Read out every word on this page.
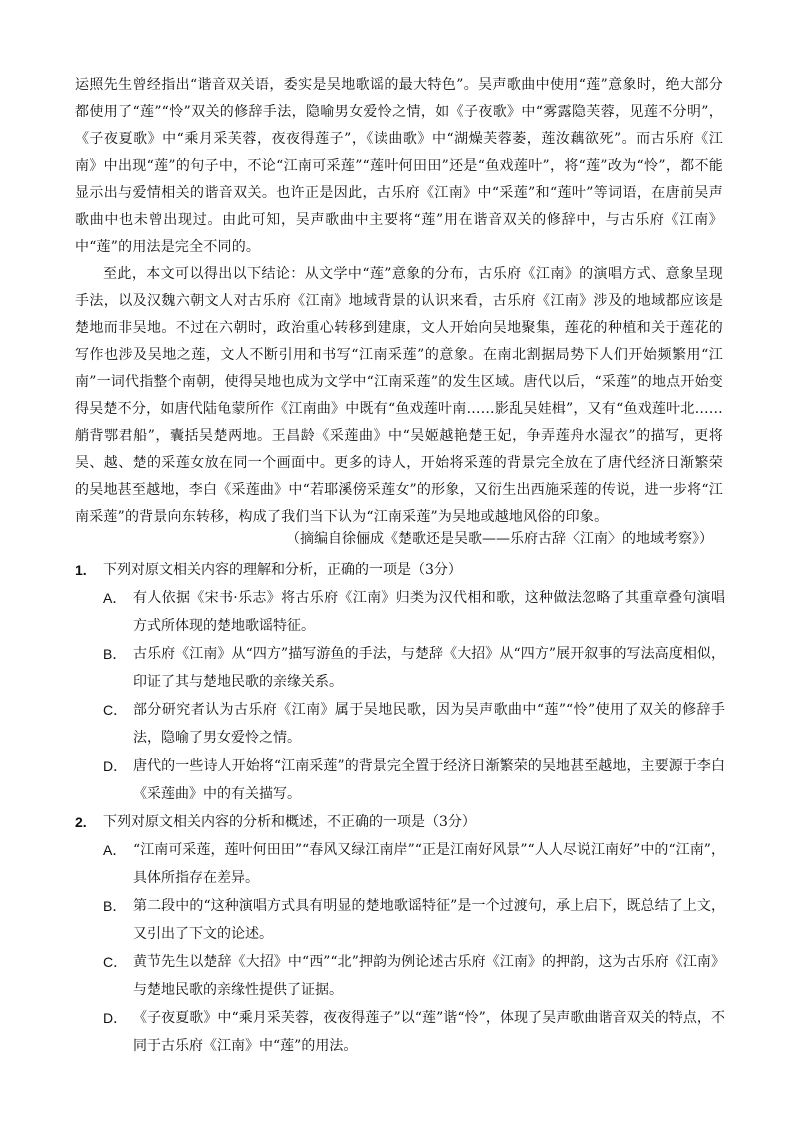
运照先生曾经指出“谐音双关语，委实是吴地歌谣的最大特色”。吴声歌曲中使用“莲”意象时，绝大部分都使用了“莲”“怜”双关的修辞手法，隐喻男女爱怜之情，如《子夜歌》中“雾露隐芙蓉，见莲不分明”，《子夜夏歌》中“乘月采芙蓉，夜夜得莲子”，《读曲歌》中“湖燥芙蓉萎，莲汝藕欲死”。而古乐府《江南》中出现“莲”的句子中，不论“江南可采莲”“莲叶何田田”还是“鱼戏莲叶”，将“莲”改为“怜”，都不能显示出与爱情相关的谐音双关。也许正是因此，古乐府《江南》中“采莲”和“莲叶”等词语，在唐前吴声歌曲中也未曾出现过。由此可知，吴声歌曲中主要将“莲”用在谐音双关的修辞中，与古乐府《江南》中“莲”的用法是完全不同的。

至此，本文可以得出以下结论：从文学中“莲”意象的分布，古乐府《江南》的演唱方式、意象呈现手法，以及汉魏六朝文人对古乐府《江南》地域背景的认识来看，古乐府《江南》涉及的地域都应该是楚地而非吴地。不过在六朝时，政治重心转移到建康，文人开始向吴地聚集，莲花的种植和关于莲花的写作也涉及吴地之莲，文人不断引用和书写“江南采莲”的意象。在南北割据局势下人们开始频繁用“江南”一词代指整个南朝，使得吴地也成为文学中“江南采莲”的发生区域。唐代以后，“采莲”的地点开始变得吴楚不分，如唐代陆龟蒙所作《江南曲》中既有“鱼戏莲叶南……影乱吴娃楫”，又有“鱼戏莲叶北……艄背鄂君船”，囊括吴楚两地。王昌龄《采莲曲》中“吴姬越艳楚王妃，争弄莲舟水湿衣”的描写，更将吴、越、楚的采莲女放在同一个画面中。更多的诗人，开始将采莲的背景完全放在了唐代经济日渐繁荣的吴地甚至越地，李白《采莲曲》中“若耶溪傍采莲女”的形象，又衍生出西施采莲的传说，进一步将“江南采莲”的背景向东转移，构成了我们当下认为“江南采莲”为吴地或越地风俗的印象。

（摘编自徐俪成《楚歌还是吴歌——乐府古辞〈江南〉的地域考察》）
1. 下列对原文相关内容的理解和分析，正确的一项是（3分）
A． 有人依据《宋书·乐志》将古乐府《江南》归类为汉代相和歌，这种做法忽略了其重章叠句演唱方式所体现的楚地歌谣特征。
B． 古乐府《江南》从“四方”描写游鱼的手法，与楚辞《大招》从“四方”展开叙事的写法高度相似，印证了其与楚地民歌的亲缘关系。
C． 部分研究者认为古乐府《江南》属于吴地民歌，因为吴声歌曲中“莲”“怜”使用了双关的修辞手法，隐喻了男女爱怜之情。
D． 唐代的一些诗人开始将“江南采莲”的背景完全置于经济日渐繁荣的吴地甚至越地，主要源于李白《采莲曲》中的有关描写。
2. 下列对原文相关内容的分析和概述，不正确的一项是（3分）
A． “江南可采莲，莲叶何田田”“春风又绿江南岸”“正是江南好风景”“人人尽说江南好”中的“江南”，具体所指存在差异。
B． 第二段中的“这种演唱方式具有明显的楚地歌谣特征”是一个过渡句，承上启下，既总结了上文，又引出了下文的论述。
C． 黄节先生以楚辞《大招》中“西”“北”押韵为例论述古乐府《江南》的押韵，这为古乐府《江南》与楚地民歌的亲缘性提供了证据。
D． 《子夜夏歌》中“乘月采芙蓉，夜夜得莲子”以“莲”谐“怜”，体现了吴声歌曲谐音双关的特点，不同于古乐府《江南》中“莲”的用法。
